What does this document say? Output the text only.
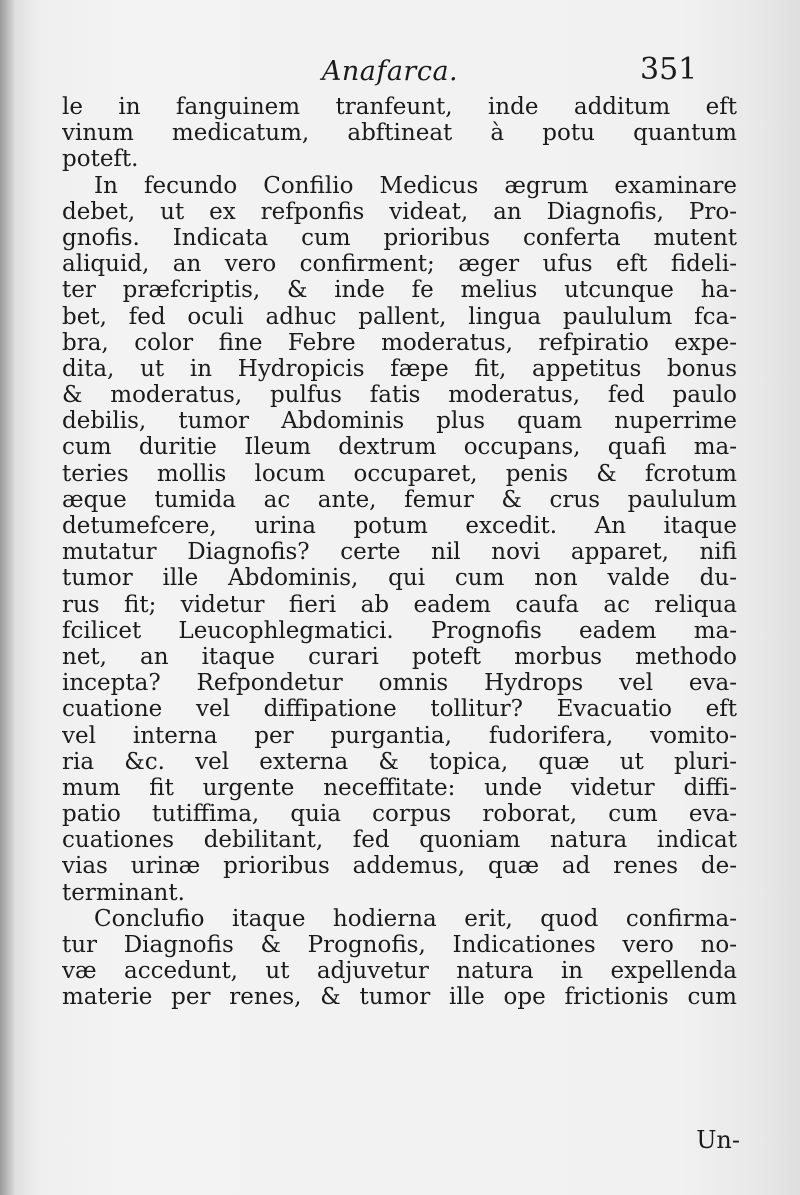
Anafarca.	351
le in fanguinem tranfeunt, inde additum eft
vinum medicatum, abftineat à potu quantum
poteft.
In fecundo Confilio Medicus ægrum examinare
debet, ut ex refponfis videat, an Diagnofis, Pro-
gnofis. Indicata cum prioribus conferta mutent
aliquid, an vero confirment; æger ufus eft fideli-
ter præfcriptis, & inde fe melius utcunque ha-
bet, fed oculi adhuc pallent, lingua paululum fca-
bra, color fine Febre moderatus, refpiratio expe-
dita, ut in Hydropicis fæpe fit, appetitus bonus
& moderatus, pulfus fatis moderatus, fed paulo
debilis, tumor Abdominis plus quam nuperrime
cum duritie Ileum dextrum occupans, quafi ma-
teries mollis locum occuparet, penis & fcrotum
æque tumida ac ante, femur & crus paululum
detumefcere, urina potum excedit. An itaque
mutatur Diagnofis? certe nil novi apparet, nifi
tumor ille Abdominis, qui cum non valde du-
rus fit; videtur fieri ab eadem caufa ac reliqua
fcilicet Leucophlegmatici. Prognofis eadem ma-
net, an itaque curari poteft morbus methodo
incepta? Refpondetur omnis Hydrops vel eva-
cuatione vel diffipatione tollitur? Evacuatio eft
vel interna per purgantia, fudorifera, vomito-
ria &c. vel externa & topica, quæ ut pluri-
mum fit urgente neceffitate: unde videtur diffi-
patio tutiffima, quia corpus roborat, cum eva-
cuationes debilitant, fed quoniam natura indicat
vias urinæ prioribus addemus, quæ ad renes de-
terminant.
Conclufio itaque hodierna erit, quod confirma-
tur Diagnofis & Prognofis, Indicationes vero no-
væ accedunt, ut adjuvetur natura in expellenda
materie per renes, & tumor ille ope frictionis cum
Un-
